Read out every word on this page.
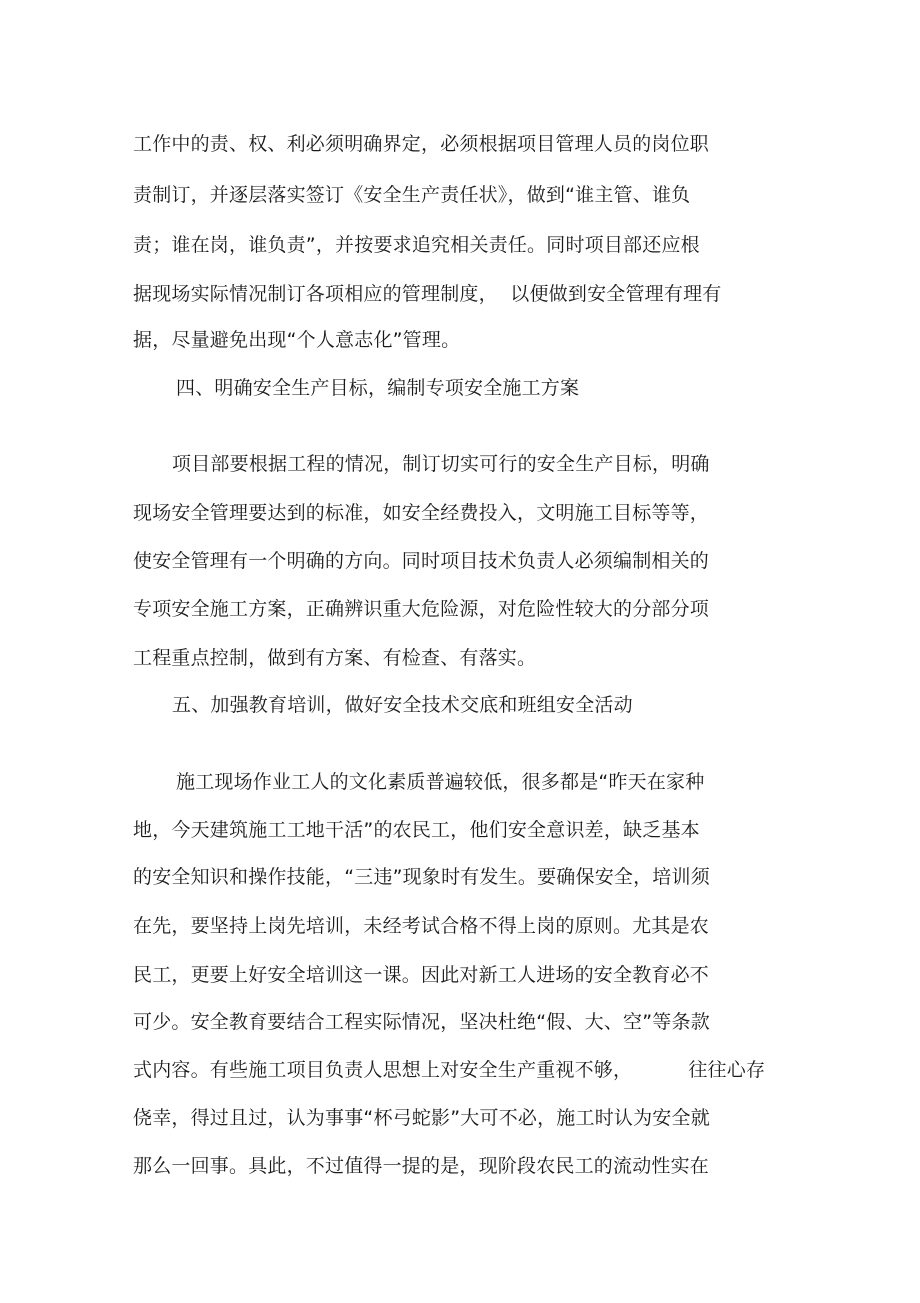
工作中的责、权、利必须明确界定，必须根据项目管理人员的岗位职
责制订，并逐层落实签订《安全生产责任状》，做到“谁主管、谁负
责；谁在岗，谁负责”，并按要求追究相关责任。同时项目部还应根
据现场实际情况制订各项相应的管理制度，  以便做到安全管理有理有
据，尽量避免出现“个人意志化”管理。
四、明确安全生产目标，编制专项安全施工方案
项目部要根据工程的情况，制订切实可行的安全生产目标，明确
现场安全管理要达到的标准，如安全经费投入，文明施工目标等等，
使安全管理有一个明确的方向。同时项目技术负责人必须编制相关的
专项安全施工方案，正确辨识重大危险源，对危险性较大的分部分项
工程重点控制，做到有方案、有检查、有落实。
五、加强教育培训，做好安全技术交底和班组安全活动
施工现场作业工人的文化素质普遍较低，很多都是“昨天在家种
地，今天建筑施工工地干活”的农民工，他们安全意识差，缺乏基本
的安全知识和操作技能，“三违”现象时有发生。要确保安全，培训须
在先，要坚持上岗先培训，未经考试合格不得上岗的原则。尤其是农
民工，更要上好安全培训这一课。因此对新工人进场的安全教育必不
可少。安全教育要结合工程实际情况，坚决杜绝“假、大、空”等条款
式内容。有些施工项目负责人思想上对安全生产重视不够，         往往心存
侥幸，得过且过，认为事事“杯弓蛇影”大可不必，施工时认为安全就
那么一回事。具此，不过值得一提的是，现阶段农民工的流动性实在
